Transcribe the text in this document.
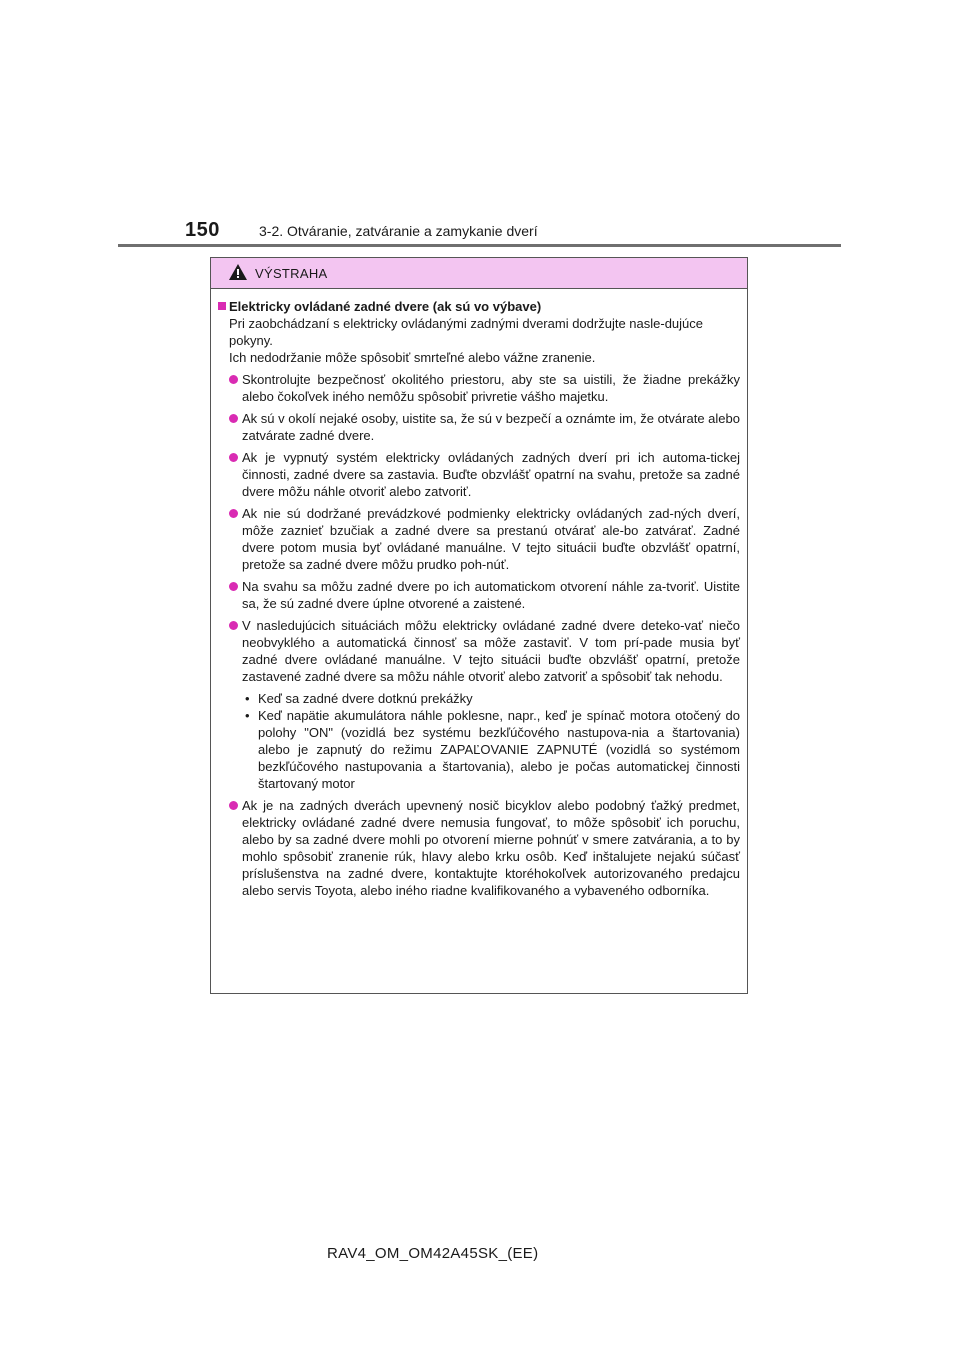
150	3-2. Otváranie, zatváranie a zamykanie dverí
VÝSTRAHA
Elektricky ovládané zadné dvere (ak sú vo výbave)
Pri zaobchádzaní s elektricky ovládanými zadnými dverami dodržujte nasle-dujúce pokyny.
Ich nedodržanie môže spôsobiť smrteľné alebo vážne zranenie.
Skontrolujte bezpečnosť okolitého priestoru, aby ste sa uistili, že žiadne prekážky alebo čokoľvek iného nemôžu spôsobiť privretie vášho majetku.
Ak sú v okolí nejaké osoby, uistite sa, že sú v bezpečí a oznámte im, že otvárate alebo zatvárate zadné dvere.
Ak je vypnutý systém elektricky ovládaných zadných dverí pri ich automa-tickej činnosti, zadné dvere sa zastavia. Buďte obzvlášť opatrní na svahu, pretože sa zadné dvere môžu náhle otvoriť alebo zatvoriť.
Ak nie sú dodržané prevádzkové podmienky elektricky ovládaných zad-ných dverí, môže zaznieť bzučiak a zadné dvere sa prestanú otvárať ale-bo zatvárať. Zadné dvere potom musia byť ovládané manuálne. V tejto situácii buďte obzvlášť opatrní, pretože sa zadné dvere môžu prudko poh-núť.
Na svahu sa môžu zadné dvere po ich automatickom otvorení náhle za-tvoriť. Uistite sa, že sú zadné dvere úplne otvorené a zaistené.
V nasledujúcich situáciách môžu elektricky ovládané zadné dvere deteko-vať niečo neobvyklého a automatická činnosť sa môže zastaviť. V tom prí-pade musia byť zadné dvere ovládané manuálne. V tejto situácii buďte obzvlášť opatrní, pretože zastavené zadné dvere sa môžu náhle otvoriť alebo zatvoriť a spôsobiť tak nehodu.
• Keď sa zadné dvere dotknú prekážky
• Keď napätie akumulátora náhle poklesne, napr., keď je spínač motora otočený do polohy "ON" (vozidlá bez systému bezkľúčového nastupova-nia a štartovania) alebo je zapnutý do režimu ZAPAĽOVANIE ZAPNUTÉ (vozidlá so systémom bezkľúčového nastupovania a štartovania), alebo je počas automatickej činnosti štartovaný motor
Ak je na zadných dverách upevnený nosič bicyklov alebo podobný ťažký predmet, elektricky ovládané zadné dvere nemusia fungovať, to môže spôsobiť ich poruchu, alebo by sa zadné dvere mohli po otvorení mierne pohnúť v smere zatvárania, a to by mohlo spôsobiť zranenie rúk, hlavy alebo krku osôb. Keď inštalujete nejakú súčasť príslušenstva na zadné dvere, kontaktujte ktoréhokoľvek autorizovaného predajcu alebo servis Toyota, alebo iného riadne kvalifikovaného a vybaveného odborníka.
RAV4_OM_OM42A45SK_(EE)
